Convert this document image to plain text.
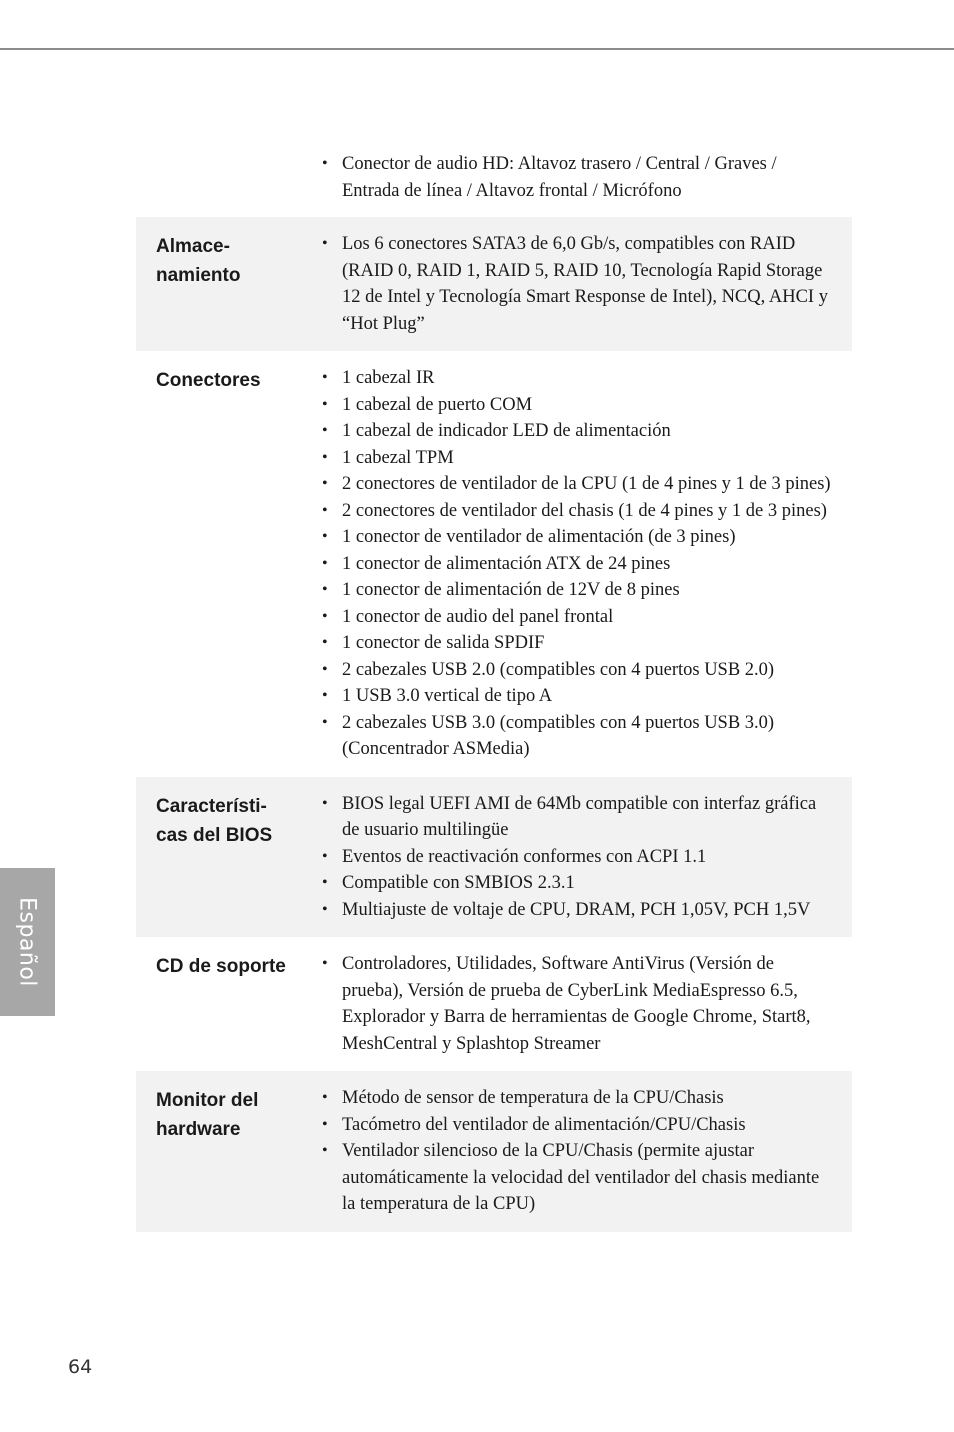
• Conector de audio HD: Altavoz trasero / Central / Graves / Entrada de línea / Altavoz frontal / Micrófono
Almace-
namiento
• Los 6 conectores SATA3 de 6,0 Gb/s, compatibles con RAID (RAID 0, RAID 1, RAID 5, RAID 10, Tecnología Rapid Storage 12 de Intel y Tecnología Smart Response de Intel), NCQ, AHCI y “Hot Plug”
Conectores	• 1 cabezal IR
• 1 cabezal de puerto COM
• 1 cabezal de indicador LED de alimentación
• 1 cabezal TPM
• 2 conectores de ventilador de la CPU (1 de 4 pines y 1 de 3 pines)
• 2 conectores de ventilador del chasis (1 de 4 pines y 1 de 3 pines)
• 1 conector de ventilador de alimentación (de 3 pines)
• 1 conector de alimentación ATX de 24 pines
• 1 conector de alimentación de 12V de 8 pines
• 1 conector de audio del panel frontal
• 1 conector de salida SPDIF
• 2 cabezales USB 2.0 (compatibles con 4 puertos USB 2.0)
• 1 USB 3.0 vertical de tipo A
• 2 cabezales USB 3.0 (compatibles con 4 puertos USB 3.0) (Concentrador ASMedia)
Característi-
cas del BIOS
• BIOS legal UEFI AMI de 64Mb compatible con interfaz gráfica de usuario multilingüe
• Eventos de reactivación conformes con ACPI 1.1
• Compatible con SMBIOS 2.3.1
• Multiajuste de voltaje de CPU, DRAM, PCH 1,05V, PCH 1,5V
CD de soporte	• Controladores, Utilidades, Software AntiVirus (Versión de prueba), Versión de prueba de CyberLink MediaEspresso 6.5, Explorador y Barra de herramientas de Google Chrome, Start8, MeshCentral y Splashtop Streamer
Monitor del
hardware
• Método de sensor de temperatura de la CPU/Chasis
• Tacómetro del ventilador de alimentación/CPU/Chasis
• Ventilador silencioso de la CPU/Chasis (permite ajustar automáticamente la velocidad del ventilador del chasis mediante la temperatura de la CPU)
Español
64
